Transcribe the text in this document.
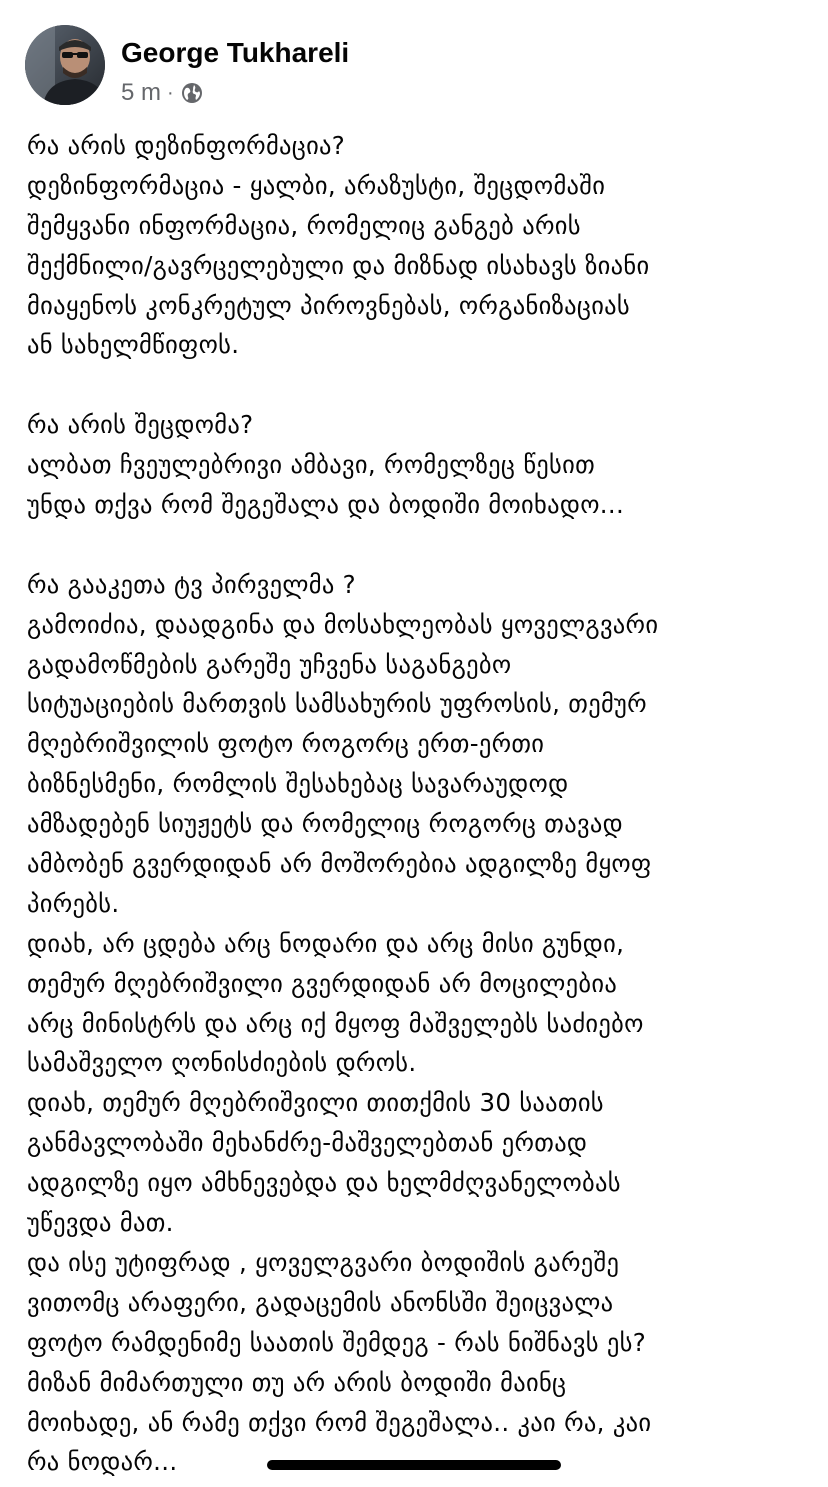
George Tukhareli
5 m ·
რა არის დეზინფორმაცია?
დეზინფორმაცია - ყალბი, არაზუსტი, შეცდომაში
შემყვანი ინფორმაცია, რომელიც განგებ არის
შექმნილი/გავრცელებული და მიზნად ისახავს ზიანი
მიაყენოს კონკრეტულ პიროვნებას, ორგანიზაციას
ან სახელმწიფოს.
რა არის შეცდომა?
ალბათ ჩვეულებრივი ამბავი, რომელზეც წესით
უნდა თქვა რომ შეგეშალა და ბოდიში მოიხადო...
რა გააკეთა ტვ პირველმა ?
გამოიძია, დაადგინა და მოსახლეობას ყოველგვარი
გადამოწმების გარეშე უჩვენა საგანგებო
სიტუაციების მართვის სამსახურის უფროსის, თემურ
მღებრიშვილის ფოტო როგორც ერთ-ერთი
ბიზნესმენი, რომლის შესახებაც სავარაუდოდ
ამზადებენ სიუჟეტს და რომელიც როგორც თავად
ამბობენ გვერდიდან არ მოშორებია ადგილზე მყოფ
პირებს.
დიახ, არ ცდება არც ნოდარი და არც მისი გუნდი,
თემურ მღებრიშვილი გვერდიდან არ მოცილებია
არც მინისტრს და არც იქ მყოფ მაშველებს საძიებო
სამაშველო ღონისძიების დროს.
დიახ, თემურ მღებრიშვილი თითქმის 30 საათის
განმავლობაში მეხანძრე-მაშველებთან ერთად
ადგილზე იყო ამხნევებდა და ხელმძღვანელობას
უწევდა მათ.
და ისე უტიფრად , ყოველგვარი ბოდიშის გარეშე
ვითომც არაფერი, გადაცემის ანონსში შეიცვალა
ფოტო რამდენიმე საათის შემდეგ - რას ნიშნავს ეს?
მიზან მიმართული თუ არ არის ბოდიში მაინც
მოიხადე, ან რამე თქვი რომ შეგეშალა.. კაი რა, კაი
რა ნოდარ...
